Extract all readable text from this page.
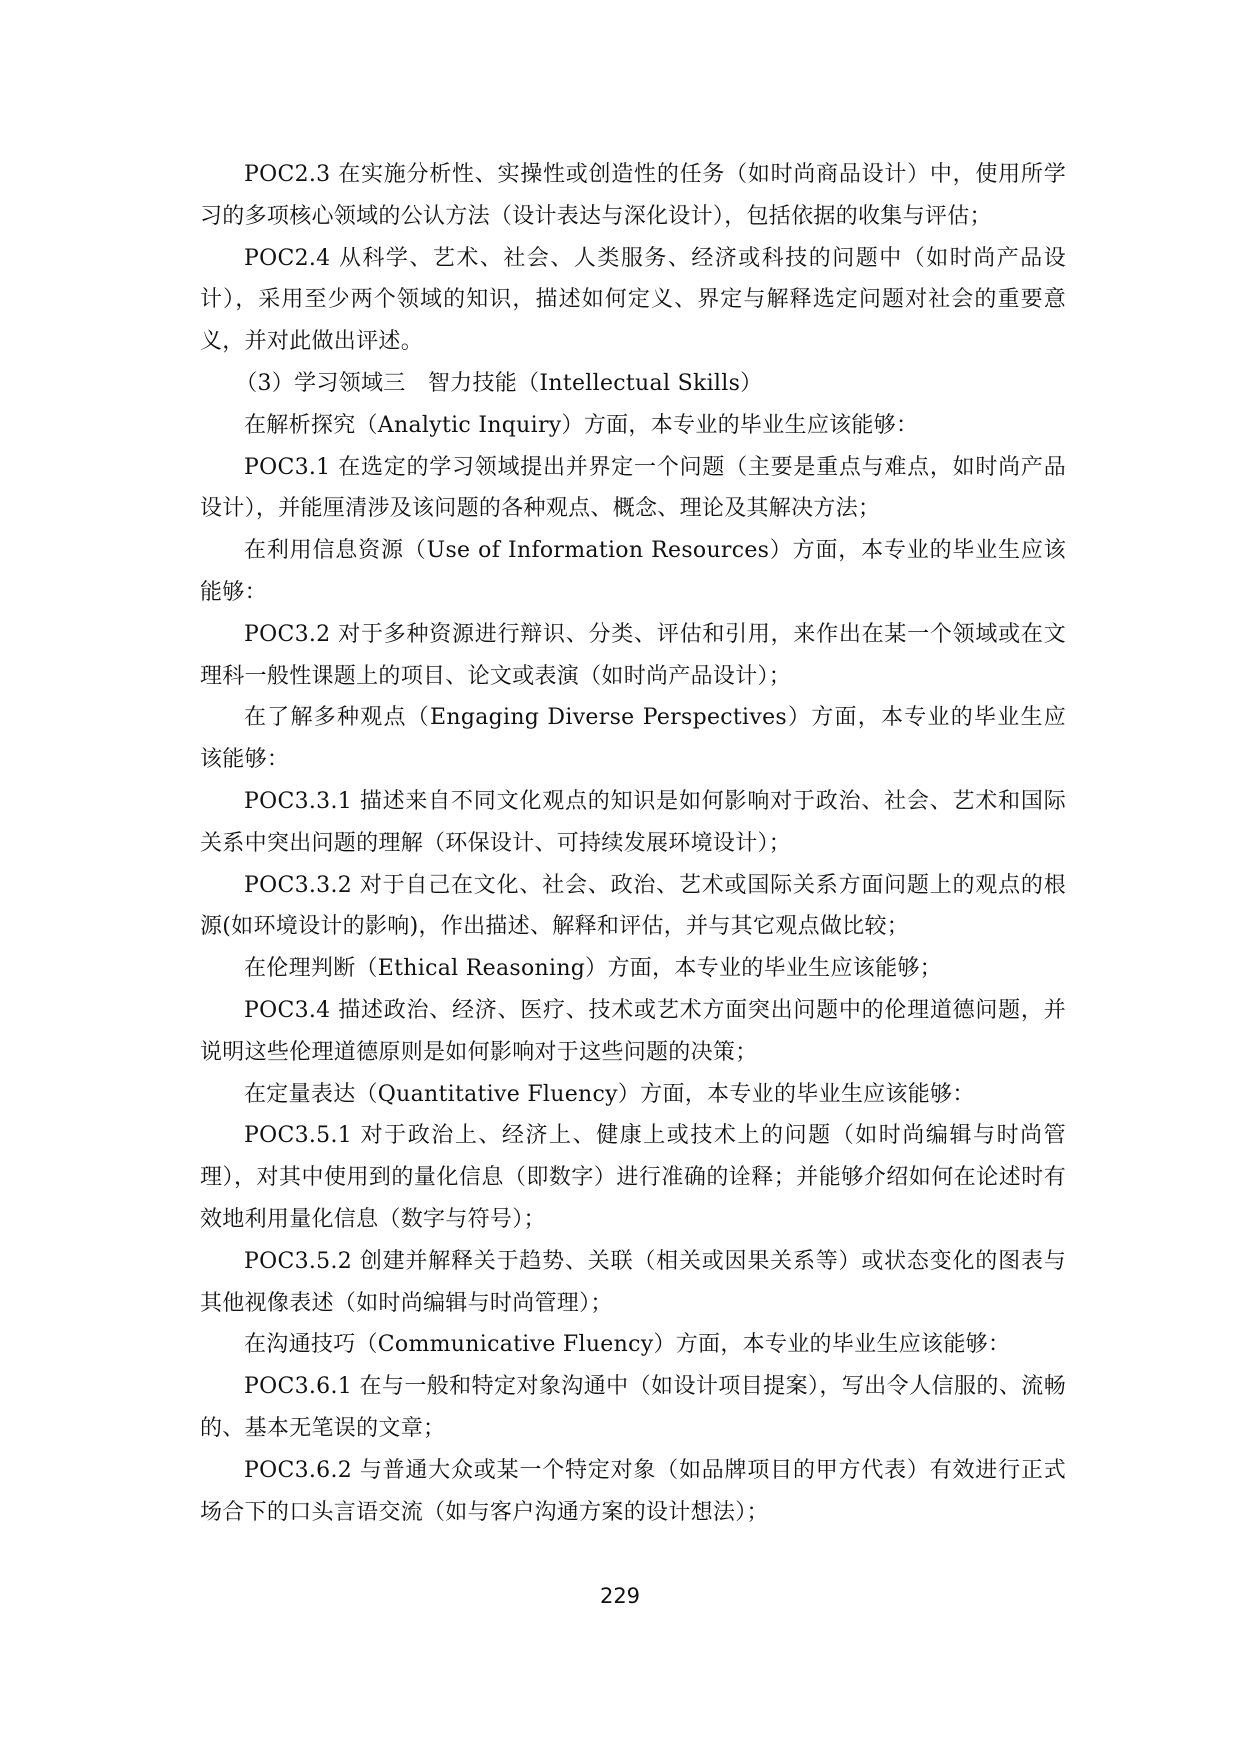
POC2.3 在实施分析性、实操性或创造性的任务（如时尚商品设计）中，使用所学习的多项核心领域的公认方法（设计表达与深化设计），包括依据的收集与评估；

POC2.4 从科学、艺术、社会、人类服务、经济或科技的问题中（如时尚产品设计），采用至少两个领域的知识，描述如何定义、界定与解释选定问题对社会的重要意义，并对此做出评述。

（3）学习领域三　智力技能（Intellectual Skills）

在解析探究（Analytic Inquiry）方面，本专业的毕业生应该能够：

POC3.1 在选定的学习领域提出并界定一个问题（主要是重点与难点，如时尚产品设计），并能厘清涉及该问题的各种观点、概念、理论及其解决方法；

在利用信息资源（Use of Information Resources）方面，本专业的毕业生应该能够：

POC3.2 对于多种资源进行辩识、分类、评估和引用，来作出在某一个领域或在文理科一般性课题上的项目、论文或表演（如时尚产品设计）；

在了解多种观点（Engaging Diverse Perspectives）方面，本专业的毕业生应该能够：

POC3.3.1 描述来自不同文化观点的知识是如何影响对于政治、社会、艺术和国际关系中突出问题的理解（环保设计、可持续发展环境设计）；

POC3.3.2 对于自己在文化、社会、政治、艺术或国际关系方面问题上的观点的根源(如环境设计的影响)，作出描述、解释和评估，并与其它观点做比较；

在伦理判断（Ethical Reasoning）方面，本专业的毕业生应该能够；

POC3.4 描述政治、经济、医疗、技术或艺术方面突出问题中的伦理道德问题，并说明这些伦理道德原则是如何影响对于这些问题的决策；

在定量表达（Quantitative Fluency）方面，本专业的毕业生应该能够：

POC3.5.1 对于政治上、经济上、健康上或技术上的问题（如时尚编辑与时尚管理），对其中使用到的量化信息（即数字）进行准确的诠释；并能够介绍如何在论述时有效地利用量化信息（数字与符号）；

POC3.5.2 创建并解释关于趋势、关联（相关或因果关系等）或状态变化的图表与其他视像表述（如时尚编辑与时尚管理）；

在沟通技巧（Communicative Fluency）方面，本专业的毕业生应该能够：

POC3.6.1 在与一般和特定对象沟通中（如设计项目提案），写出令人信服的、流畅的、基本无笔误的文章；

POC3.6.2 与普通大众或某一个特定对象（如品牌项目的甲方代表）有效进行正式场合下的口头言语交流（如与客户沟通方案的设计想法）；

229
